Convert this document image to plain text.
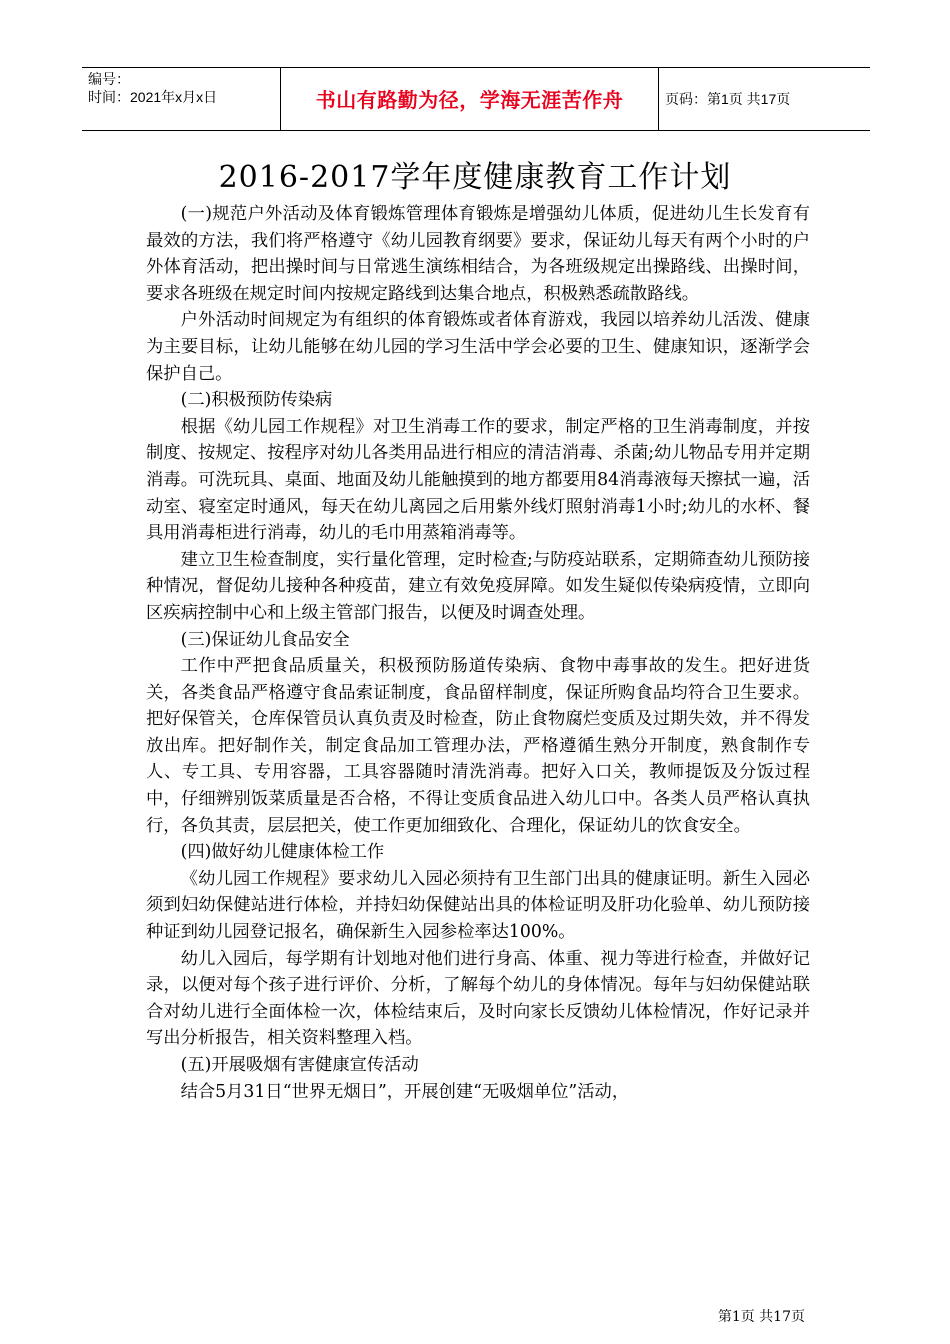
编号：
时间：2021年x月x日	书山有路勤为径，学海无涯苦作舟	页码：第1页 共17页
2016-2017学年度健康教育工作计划

(一)规范户外活动及体育锻炼管理体育锻炼是增强幼儿体质，促进幼儿生长发育有最效的方法，我们将严格遵守《幼儿园教育纲要》要求，保证幼儿每天有两个小时的户外体育活动，把出操时间与日常逃生演练相结合，为各班级规定出操路线、出操时间，要求各班级在规定时间内按规定路线到达集合地点，积极熟悉疏散路线。

户外活动时间规定为有组织的体育锻炼或者体育游戏，我园以培养幼儿活泼、健康为主要目标，让幼儿能够在幼儿园的学习生活中学会必要的卫生、健康知识，逐渐学会保护自己。

(二)积极预防传染病

根据《幼儿园工作规程》对卫生消毒工作的要求，制定严格的卫生消毒制度，并按制度、按规定、按程序对幼儿各类用品进行相应的清洁消毒、杀菌;幼儿物品专用并定期消毒。可洗玩具、桌面、地面及幼儿能触摸到的地方都要用84消毒液每天擦拭一遍，活动室、寝室定时通风，每天在幼儿离园之后用紫外线灯照射消毒1小时;幼儿的水杯、餐具用消毒柜进行消毒，幼儿的毛巾用蒸箱消毒等。

建立卫生检查制度，实行量化管理，定时检查;与防疫站联系，定期筛查幼儿预防接种情况，督促幼儿接种各种疫苗，建立有效免疫屏障。如发生疑似传染病疫情，立即向区疾病控制中心和上级主管部门报告，以便及时调查处理。

(三)保证幼儿食品安全

工作中严把食品质量关，积极预防肠道传染病、食物中毒事故的发生。把好进货关，各类食品严格遵守食品索证制度，食品留样制度，保证所购食品均符合卫生要求。把好保管关，仓库保管员认真负责及时检查，防止食物腐烂变质及过期失效，并不得发放出库。把好制作关，制定食品加工管理办法，严格遵循生熟分开制度，熟食制作专人、专工具、专用容器，工具容器随时清洗消毒。把好入口关，教师提饭及分饭过程中，仔细辨别饭菜质量是否合格，不得让变质食品进入幼儿口中。各类人员严格认真执行，各负其责，层层把关，使工作更加细致化、合理化，保证幼儿的饮食安全。

(四)做好幼儿健康体检工作

《幼儿园工作规程》要求幼儿入园必须持有卫生部门出具的健康证明。新生入园必须到妇幼保健站进行体检，并持妇幼保健站出具的体检证明及肝功化验单、幼儿预防接种证到幼儿园登记报名，确保新生入园参检率达100%。

幼儿入园后，每学期有计划地对他们进行身高、体重、视力等进行检查，并做好记录，以便对每个孩子进行评价、分析，了解每个幼儿的身体情况。每年与妇幼保健站联合对幼儿进行全面体检一次，体检结束后，及时向家长反馈幼儿体检情况，作好记录并写出分析报告，相关资料整理入档。

(五)开展吸烟有害健康宣传活动

结合5月31日“世界无烟日”，开展创建“无吸烟单位”活动，

第1页 共17页
